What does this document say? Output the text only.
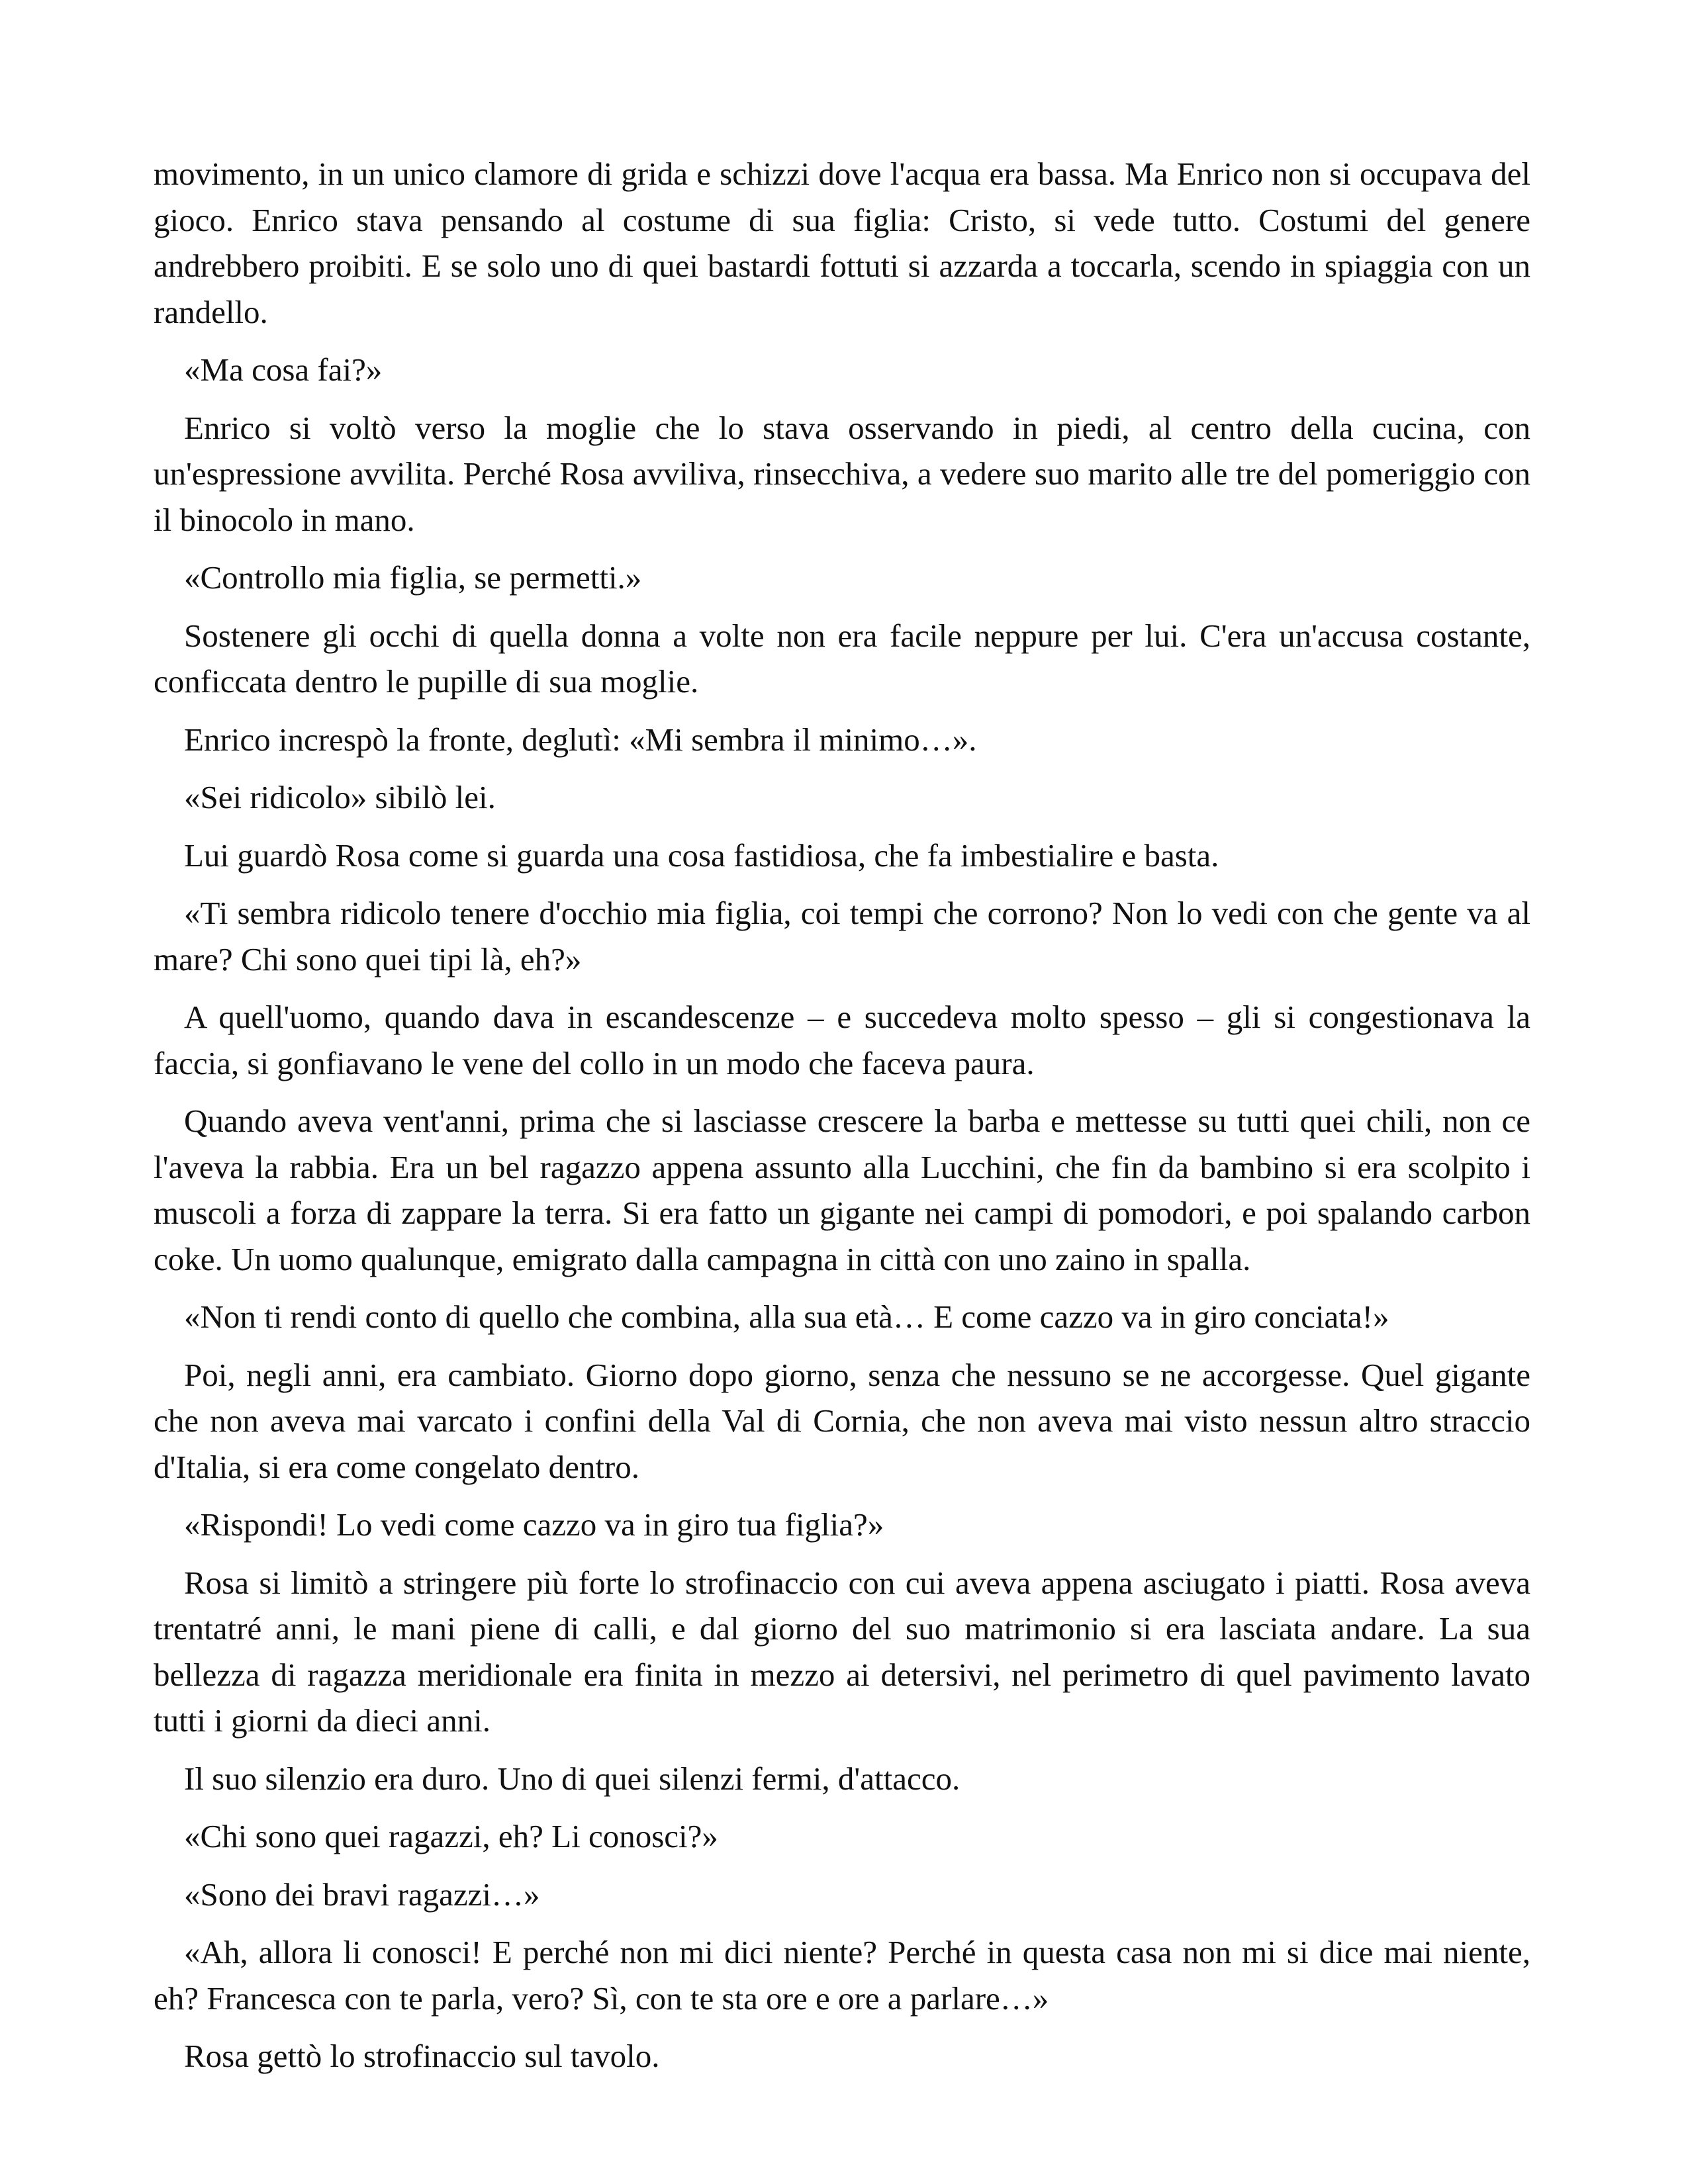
movimento, in un unico clamore di grida e schizzi dove l'acqua era bassa. Ma Enrico non si occupava del gioco. Enrico stava pensando al costume di sua figlia: Cristo, si vede tutto. Costumi del genere andrebbero proibiti. E se solo uno di quei bastardi fottuti si azzarda a toccarla, scendo in spiaggia con un randello.

«Ma cosa fai?»

Enrico si voltò verso la moglie che lo stava osservando in piedi, al centro della cucina, con un'espressione avvilita. Perché Rosa avviliva, rinsecchiva, a vedere suo marito alle tre del pomeriggio con il binocolo in mano.

«Controllo mia figlia, se permetti.»

Sostenere gli occhi di quella donna a volte non era facile neppure per lui. C'era un'accusa costante, conficcata dentro le pupille di sua moglie.

Enrico increspò la fronte, deglutì: «Mi sembra il minimo…».

«Sei ridicolo» sibilò lei.

Lui guardò Rosa come si guarda una cosa fastidiosa, che fa imbestialire e basta.

«Ti sembra ridicolo tenere d'occhio mia figlia, coi tempi che corrono? Non lo vedi con che gente va al mare? Chi sono quei tipi là, eh?»

A quell'uomo, quando dava in escandescenze – e succedeva molto spesso – gli si congestionava la faccia, si gonfiavano le vene del collo in un modo che faceva paura.

Quando aveva vent'anni, prima che si lasciasse crescere la barba e mettesse su tutti quei chili, non ce l'aveva la rabbia. Era un bel ragazzo appena assunto alla Lucchini, che fin da bambino si era scolpito i muscoli a forza di zappare la terra. Si era fatto un gigante nei campi di pomodori, e poi spalando carbon coke. Un uomo qualunque, emigrato dalla campagna in città con uno zaino in spalla.

«Non ti rendi conto di quello che combina, alla sua età… E come cazzo va in giro conciata!»

Poi, negli anni, era cambiato. Giorno dopo giorno, senza che nessuno se ne accorgesse. Quel gigante che non aveva mai varcato i confini della Val di Cornia, che non aveva mai visto nessun altro straccio d'Italia, si era come congelato dentro.

«Rispondi! Lo vedi come cazzo va in giro tua figlia?»

Rosa si limitò a stringere più forte lo strofinaccio con cui aveva appena asciugato i piatti. Rosa aveva trentatré anni, le mani piene di calli, e dal giorno del suo matrimonio si era lasciata andare. La sua bellezza di ragazza meridionale era finita in mezzo ai detersivi, nel perimetro di quel pavimento lavato tutti i giorni da dieci anni.

Il suo silenzio era duro. Uno di quei silenzi fermi, d'attacco.

«Chi sono quei ragazzi, eh? Li conosci?»

«Sono dei bravi ragazzi…»

«Ah, allora li conosci! E perché non mi dici niente? Perché in questa casa non mi si dice mai niente, eh? Francesca con te parla, vero? Sì, con te sta ore e ore a parlare…»

Rosa gettò lo strofinaccio sul tavolo.
